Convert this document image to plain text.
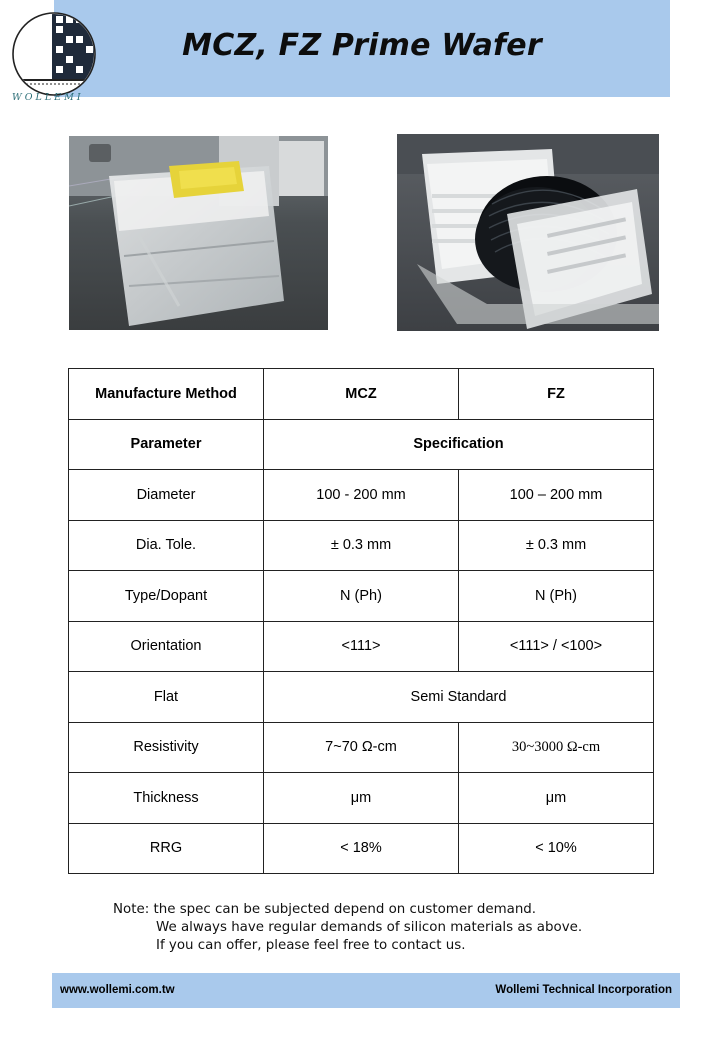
MCZ, FZ Prime Wafer
WOLLEMI
Manufacture Method	MCZ	FZ
Parameter	Specification	
Diameter	100 - 200 mm	100 – 200 mm
Dia. Tole.	± 0.3 mm	± 0.3 mm
Type/Dopant	N (Ph)	N (Ph)
Orientation	<111>	<111> / <100>
Flat	Semi Standard	
Resistivity	7~70 Ω-cm	30~3000 Ω-cm
Thickness	μm	μm
RRG	< 18%	< 10%
Note: the spec can be subjected depend on customer demand.
We always have regular demands of silicon materials as above.
If you can offer, please feel free to contact us.
www.wollemi.com.tw	Wollemi Technical Incorporation
